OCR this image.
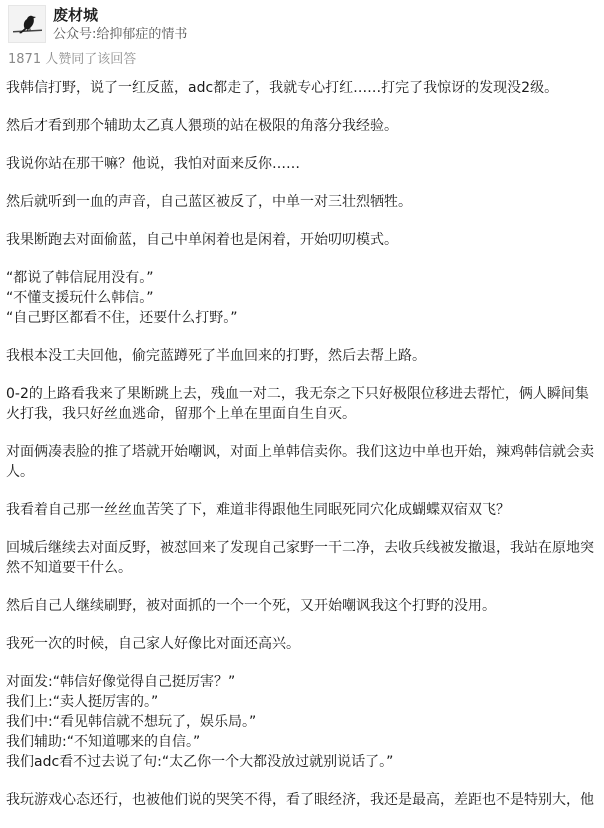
废材城
公众号:给抑郁症的情书
1871 人赞同了该回答

我韩信打野，说了一红反蓝，adc都走了，我就专心打红……打完了我惊讶的发现没2级。

然后才看到那个辅助太乙真人猥琐的站在极限的角落分我经验。

我说你站在那干嘛？他说，我怕对面来反你……

然后就听到一血的声音，自己蓝区被反了，中单一对三壮烈牺牲。

我果断跑去对面偷蓝，自己中单闲着也是闲着，开始叨叨模式。

“都说了韩信屁用没有。”
“不懂支援玩什么韩信。”
“自己野区都看不住，还要什么打野。”

我根本没工夫回他，偷完蓝蹲死了半血回来的打野，然后去帮上路。

0-2的上路看我来了果断跳上去，残血一对二，我无奈之下只好极限位移进去帮忙，俩人瞬间集火打我，我只好丝血逃命，留那个上单在里面自生自灭。

对面俩凑表脸的推了塔就开始嘲讽，对面上单韩信卖你。我们这边中单也开始，辣鸡韩信就会卖人。

我看着自己那一丝丝血苦笑了下，难道非得跟他生同眠死同穴化成蝴蝶双宿双飞？

回城后继续去对面反野，被怼回来了发现自己家野一干二净，去收兵线被发撤退，我站在原地突然不知道要干什么。

然后自己人继续刷野，被对面抓的一个一个死，又开始嘲讽我这个打野的没用。

我死一次的时候，自己家人好像比对面还高兴。

对面发:“韩信好像觉得自己挺厉害？”
我们上:“卖人挺厉害的。”
我们中:“看见韩信就不想玩了，娱乐局。”
我们辅助:“不知道哪来的自信。”
我们adc看不过去说了句:“太乙你一个大都没放过就别说话了。”

我玩游戏心态还行，也被他们说的哭笑不得，看了眼经济，我还是最高，差距也不是特别大，他
